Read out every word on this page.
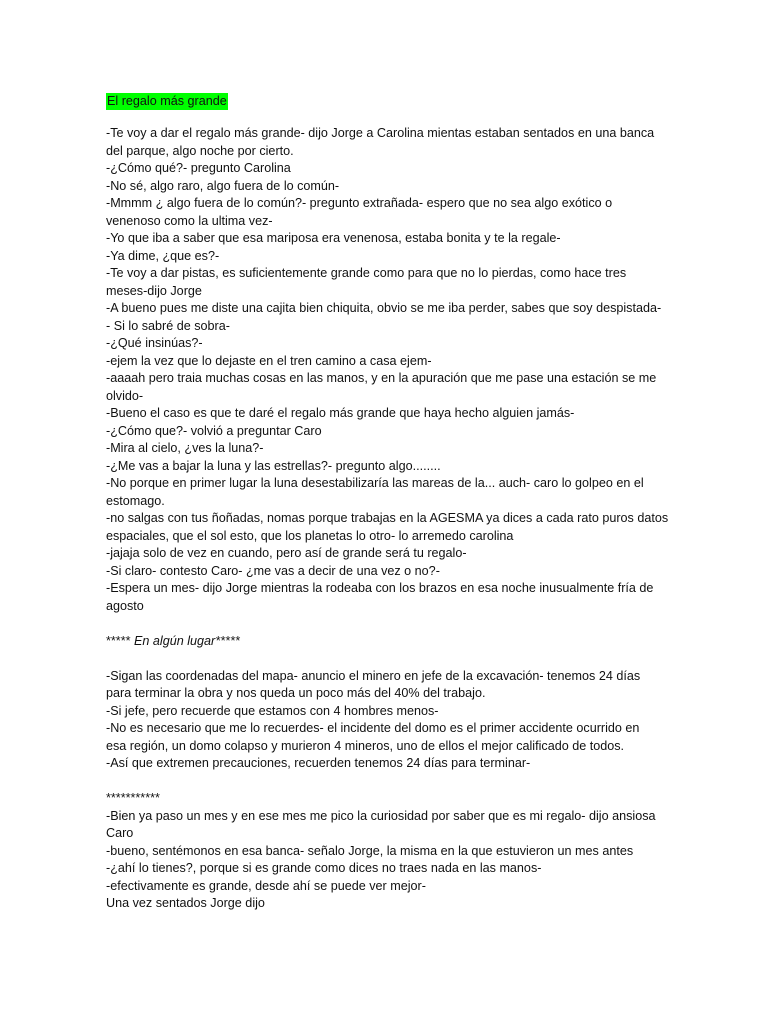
El regalo más grande

-Te voy a dar el regalo más grande- dijo Jorge a Carolina mientas estaban sentados en una banca

del parque, algo noche por cierto.

-¿Cómo qué?- pregunto Carolina

-No sé, algo raro, algo fuera de lo común-

-Mmmm ¿ algo fuera de lo común?- pregunto extrañada- espero que no sea algo exótico o

venenoso como la ultima vez-

-Yo que iba a saber que esa mariposa era venenosa, estaba bonita y te la regale-

-Ya dime, ¿que es?-

-Te voy a dar pistas, es suficientemente grande como para que no lo pierdas, como hace tres

meses-dijo Jorge

-A bueno pues me diste una cajita bien chiquita, obvio se me iba perder, sabes que soy despistada-

- Si lo sabré de sobra-

-¿Qué insinúas?-

-ejem la vez que lo dejaste en el tren camino a casa ejem-

-aaaah pero traia muchas cosas en las manos, y en la apuración que me pase una estación se me

olvido-

-Bueno el caso es que te daré el regalo más grande que haya hecho alguien jamás-

-¿Cómo que?- volvió a preguntar Caro

-Mira al cielo, ¿ves la luna?-

-¿Me vas a bajar la luna y las estrellas?- pregunto algo........

-No porque en primer lugar la luna desestabilizaría las mareas de la... auch- caro lo golpeo en el

estomago.

-no salgas con tus ñoñadas, nomas porque trabajas en la AGESMA ya dices a cada rato puros datos

espaciales, que el sol esto, que los planetas lo otro- lo arremedo carolina

-jajaja solo de vez en cuando, pero así de grande será tu regalo-

-Si claro- contesto Caro- ¿me vas a decir de una vez o no?-

-Espera un mes- dijo Jorge mientras la rodeaba con los brazos en esa noche inusualmente fría de

agosto

***** En algún lugar*****

-Sigan las coordenadas del mapa- anuncio el minero en jefe de la excavación- tenemos 24 días

para terminar la obra y nos queda un poco más del 40% del trabajo.

-Si jefe, pero recuerde que estamos con 4 hombres menos-

-No es necesario que me lo recuerdes- el incidente del domo es el primer accidente ocurrido en

esa región, un domo colapso y murieron 4 mineros, uno de ellos el mejor calificado de todos.

-Así que extremen precauciones, recuerden tenemos 24 días para terminar-

***********

-Bien ya paso un mes y en ese mes me pico la curiosidad por saber que es mi regalo- dijo ansiosa

Caro

-bueno, sentémonos en esa banca- señalo Jorge, la misma en la que estuvieron un mes antes

-¿ahí lo tienes?, porque si es grande como dices no traes nada en las manos-

-efectivamente es grande, desde ahí se puede ver mejor-

Una vez sentados Jorge dijo
